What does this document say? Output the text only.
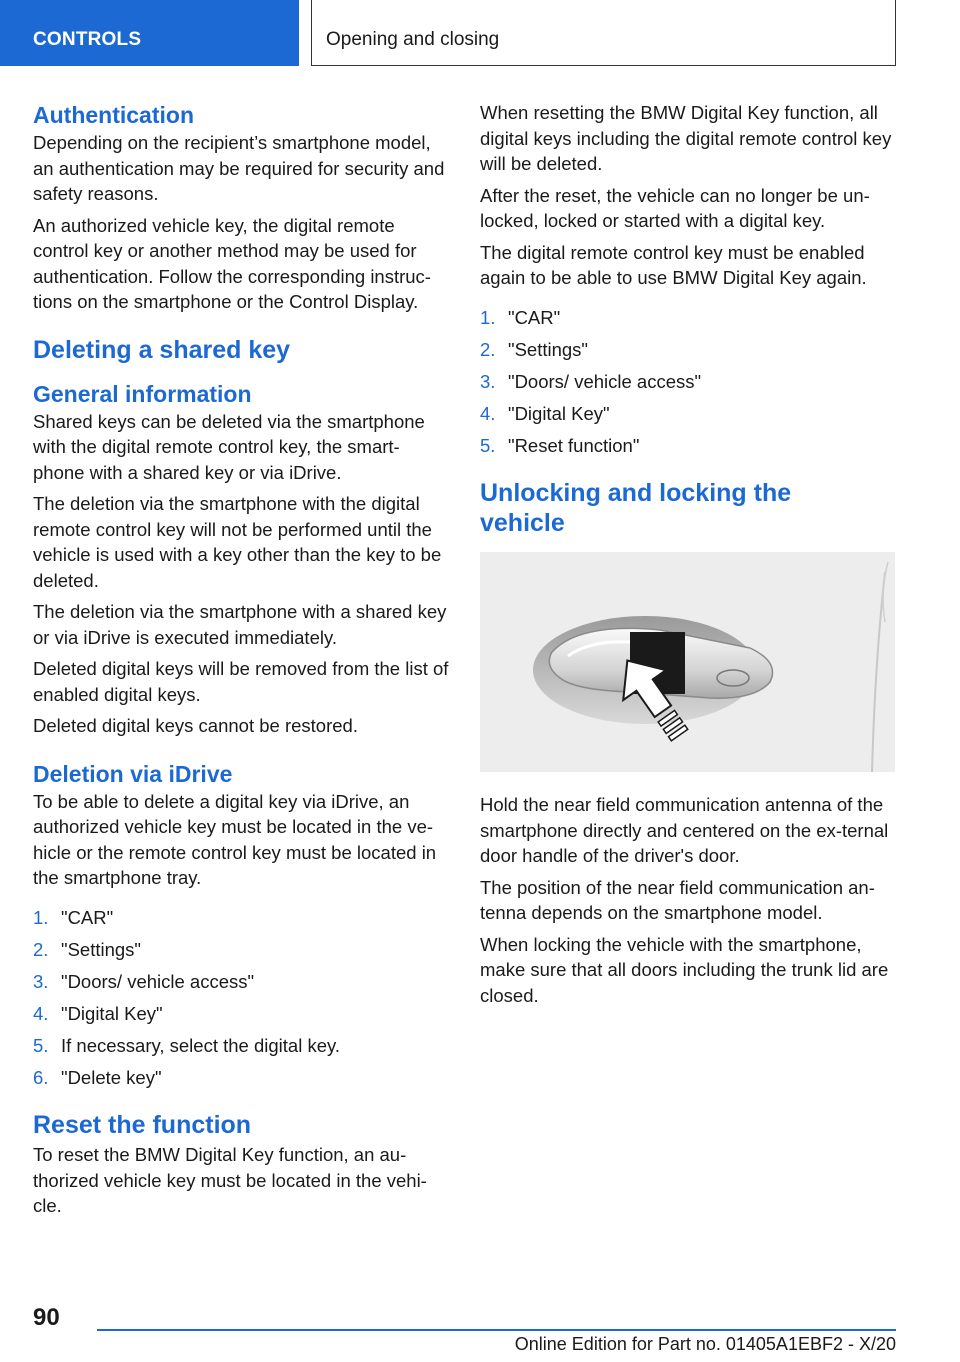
CONTROLS	Opening and closing
Authentication

Depending on the recipient’s smartphone model, an authentication may be required for security and safety reasons.

An authorized vehicle key, the digital remote control key or another method may be used for authentication. Follow the corresponding instruc‐tions on the smartphone or the Control Display.

Deleting a shared key
General information

Shared keys can be deleted via the smartphone with the digital remote control key, the smart‐phone with a shared key or via iDrive.

The deletion via the smartphone with the digital remote control key will not be performed until the vehicle is used with a key other than the key to be deleted.

The deletion via the smartphone with a shared key or via iDrive is executed immediately.

Deleted digital keys will be removed from the list of enabled digital keys.

Deleted digital keys cannot be restored.

Deletion via iDrive

To be able to delete a digital key via iDrive, an authorized vehicle key must be located in the ve‐hicle or the remote control key must be located in the smartphone tray.

1. "CAR"
2. "Settings"
3. "Doors/ vehicle access"
4. "Digital Key"
5. If necessary, select the digital key.
6. "Delete key"
Reset the function

To reset the BMW Digital Key function, an au‐thorized vehicle key must be located in the vehi‐cle.

When resetting the BMW Digital Key function, all digital keys including the digital remote control key will be deleted.

After the reset, the vehicle can no longer be un‐locked, locked or started with a digital key.

The digital remote control key must be enabled again to be able to use BMW Digital Key again.

1. "CAR"
2. "Settings"
3. "Doors/ vehicle access"
4. "Digital Key"
5. "Reset function"
Unlocking and locking the vehicle

Hold the near field communication antenna of the smartphone directly and centered on the ex‐ternal door handle of the driver's door.

The position of the near field communication an‐tenna depends on the smartphone model.

When locking the vehicle with the smartphone, make sure that all doors including the trunk lid are closed.

90
Online Edition for Part no. 01405A1EBF2 - X/20
